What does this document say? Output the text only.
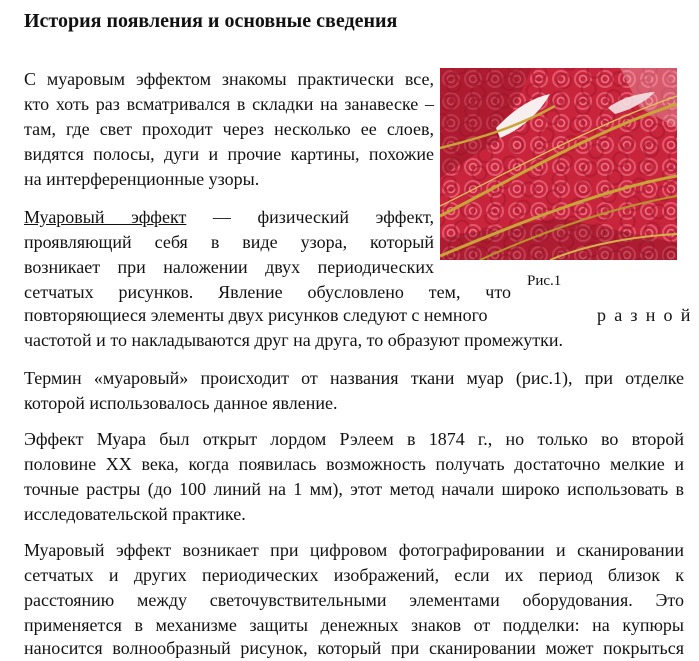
История появления и основные сведения

С муаровым эффектом знакомы практически все,

кто хоть раз всматривался в складки на занавеске –

там, где свет проходит через несколько ее слоев,

видятся полосы, дуги и прочие картины, похожие

на интерференционные узоры.

Муаровый эффект — физический эффект,

проявляющий себя в виде узора, который

возникает при наложении двух периодических

сетчатых рисунков. Явление обусловлено тем, что

повторяющиеся элементы двух рисунков следуют с немного	разной

частотой и то накладываются друг на друга, то образуют промежутки.

Рис.1

Термин «муаровый» происходит от названия ткани муар (рис.1), при отделке

которой использовалось данное явление.

Эффект Муара был открыт лордом Рэлеем в 1874 г., но только во второй

половине XX века, когда появилась возможность получать достаточно мелкие и

точные растры (до 100 линий на 1 мм), этот метод начали широко использовать в

исследовательской практике.

Муаровый эффект возникает при цифровом фотографировании и сканировании

сетчатых и других периодических изображений, если их период близок к

расстоянию между светочувствительными элементами оборудования. Это

применяется в механизме защиты денежных знаков от подделки: на купюры

наносится волнообразный рисунок, который при сканировании может покрыться
